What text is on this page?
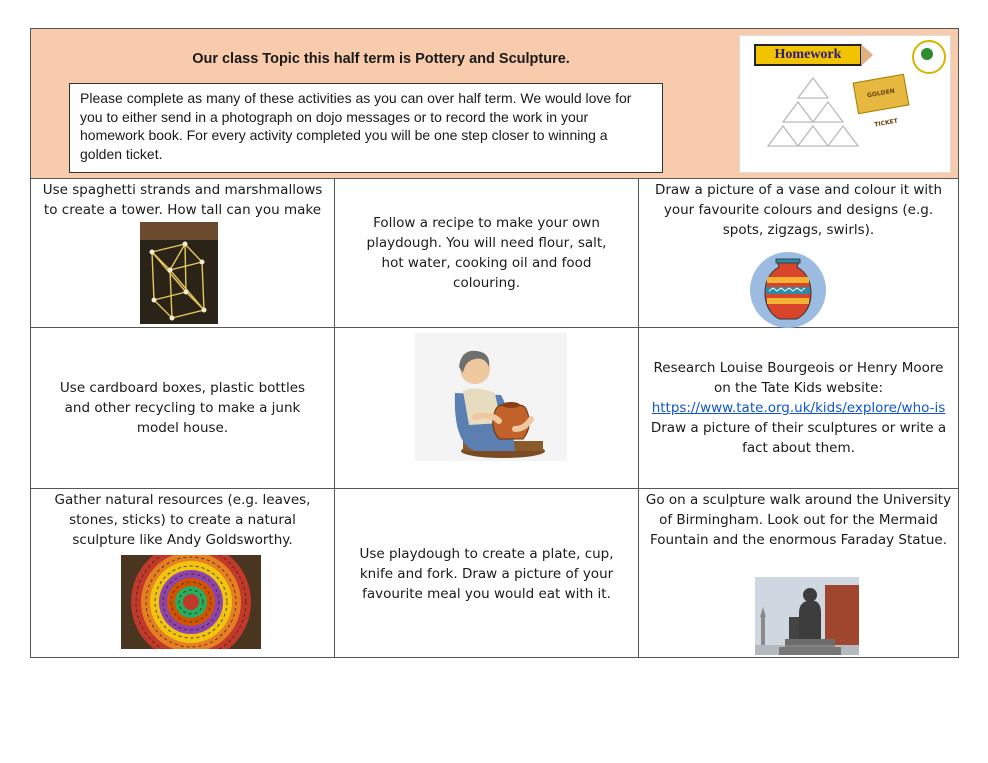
Our class Topic this half term is Pottery and Sculpture.
Please complete as many of these activities as you can over half term. We would love for you to either send in a photograph on dojo messages or to record the work in your homework book. For every activity completed you will be one step closer to winning a golden ticket.
Homework
GOLDEN TICKET

Use spaghetti strands and marshmallows to create a tower. How tall can you make

Follow a recipe to make your own playdough. You will need flour, salt, hot water, cooking oil and food colouring.

Draw a picture of a vase and colour it with your favourite colours and designs (e.g. spots, zigzags, swirls).

Use cardboard boxes, plastic bottles and other recycling to make a junk model house.

Research Louise Bourgeois or Henry Moore on the Tate Kids website:

https://www.tate.org.uk/kids/explore/who-is

Draw a picture of their sculptures or write a fact about them.

Gather natural resources (e.g. leaves, stones, sticks) to create a natural sculpture like Andy Goldsworthy.

Use playdough to create a plate, cup, knife and fork. Draw a picture of your favourite meal you would eat with it.

Go on a sculpture walk around the University of Birmingham. Look out for the Mermaid Fountain and the enormous Faraday Statue.
